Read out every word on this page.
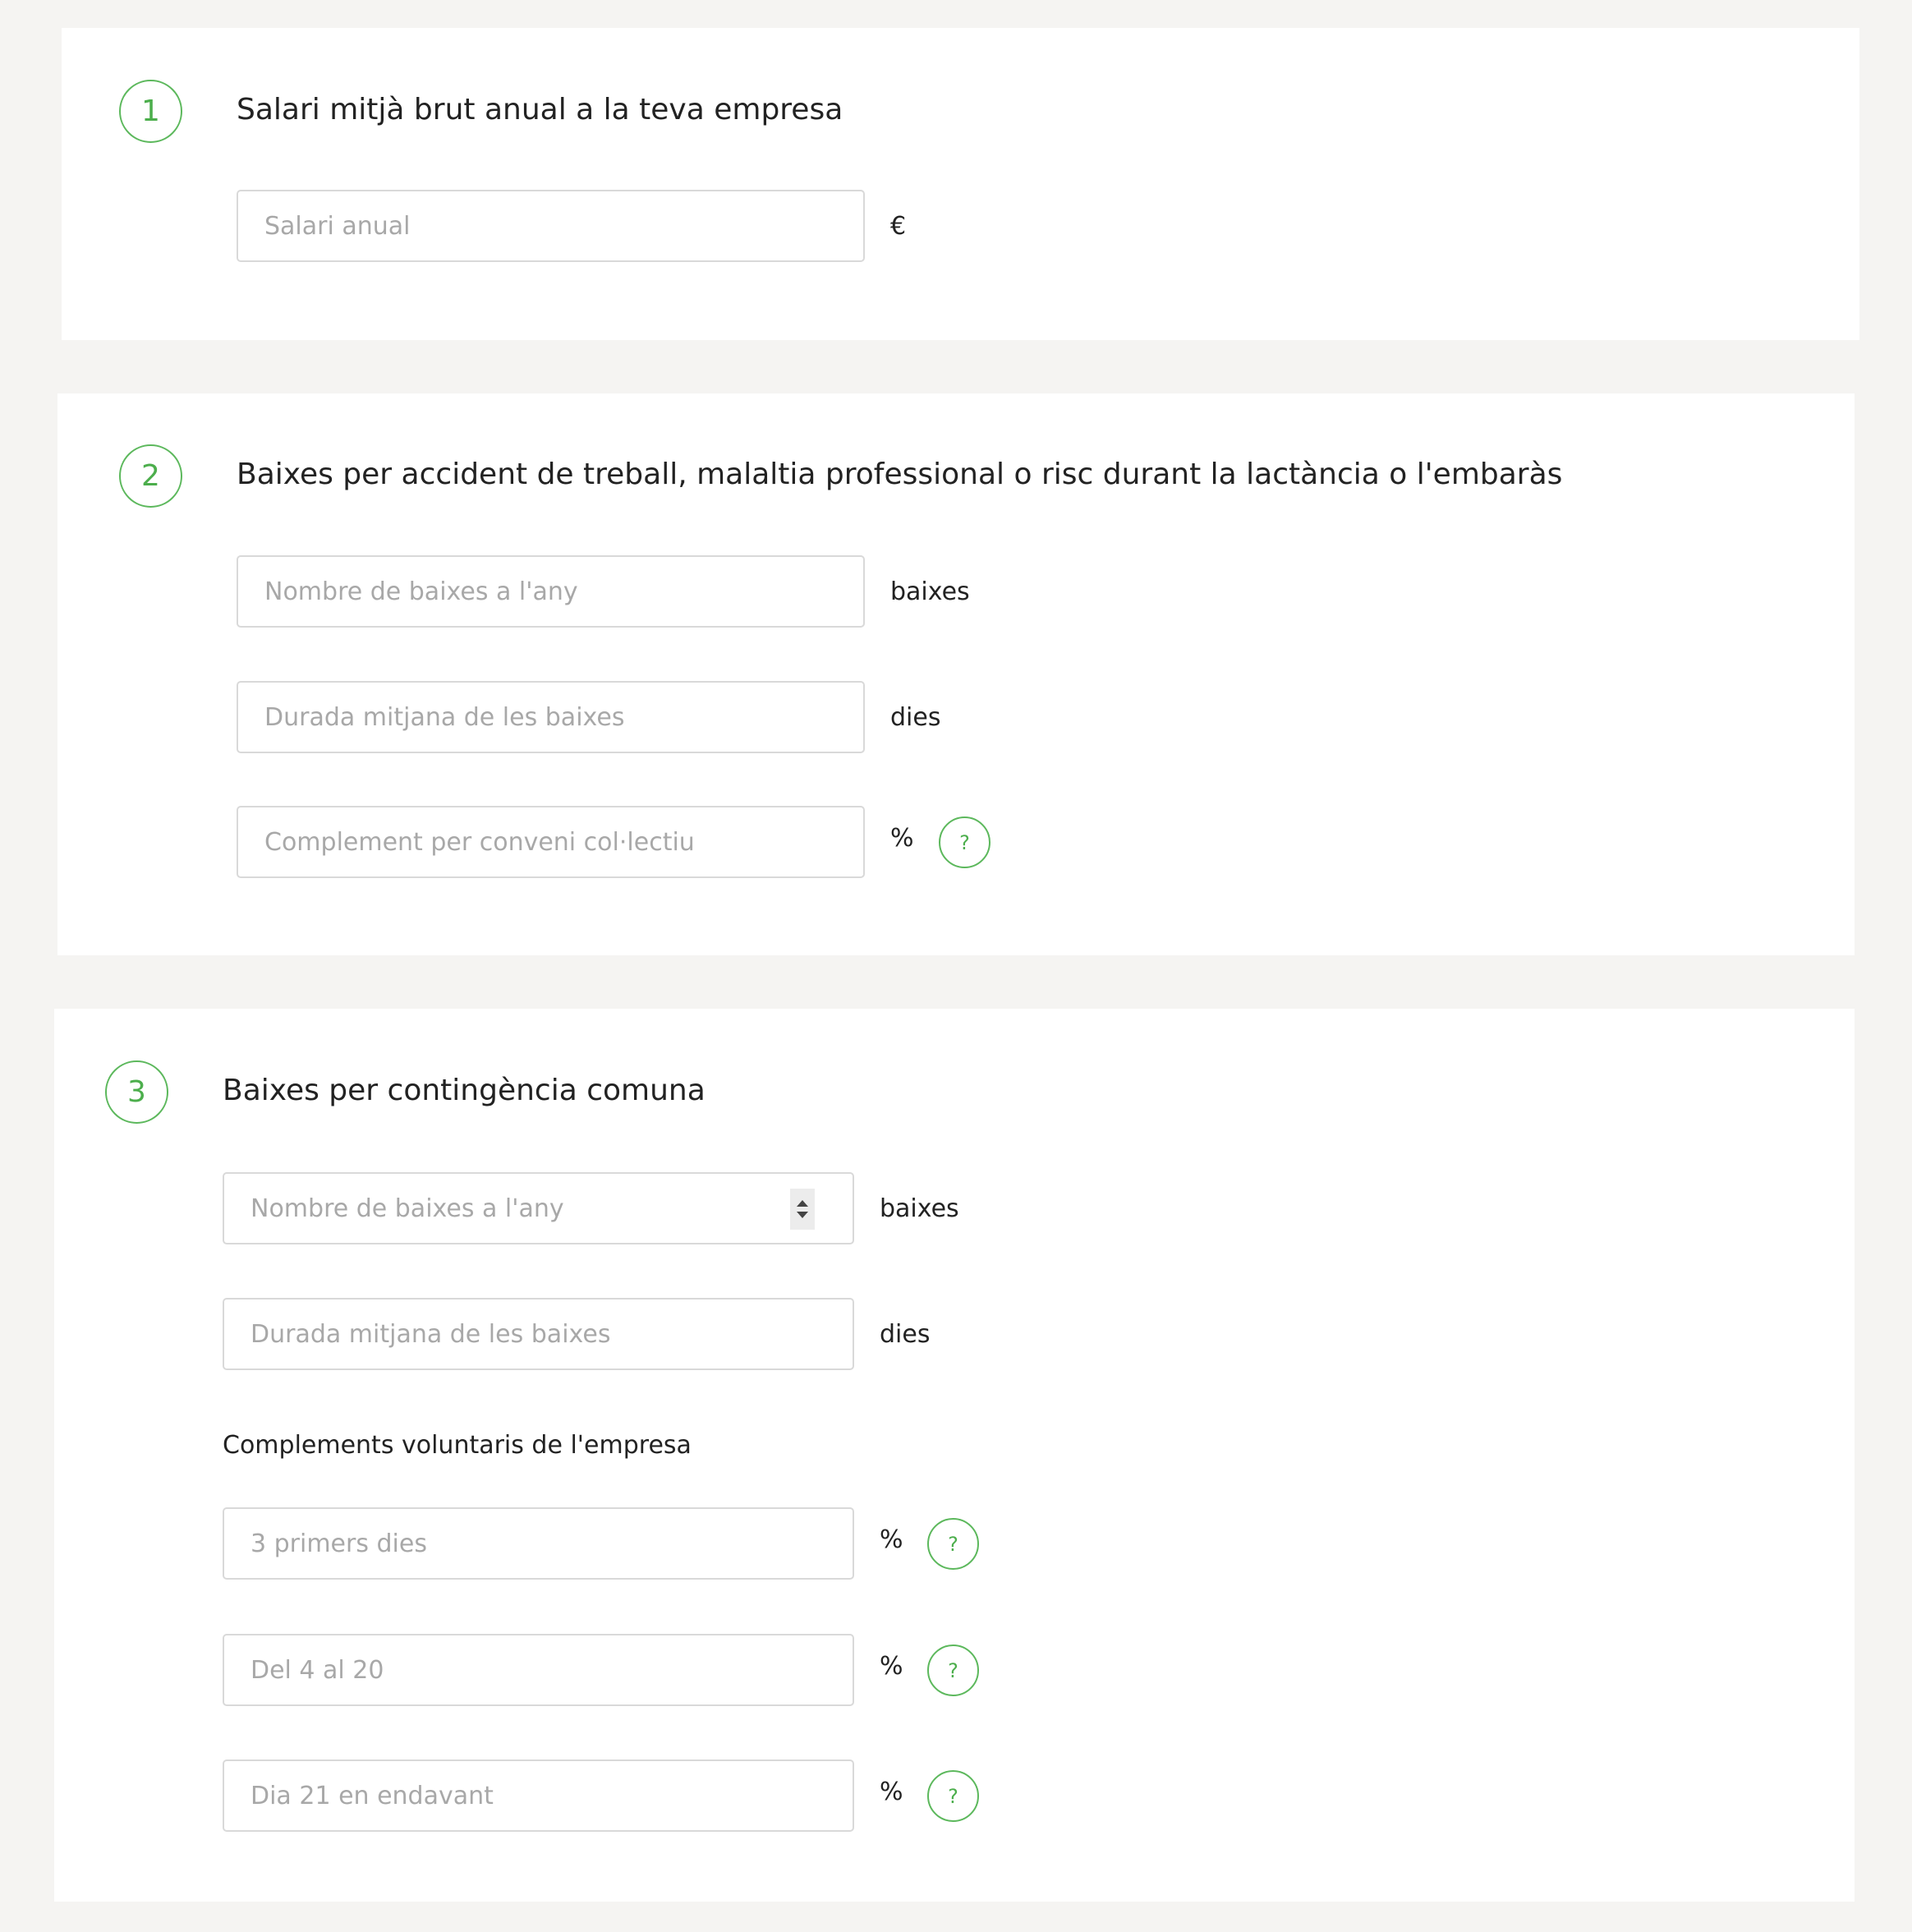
1	Salari mitjà brut anual a la teva empresa
Salari anual
€
2	Baixes per accident de treball, malaltia professional o risc durant la lactància o l'embaràs
Nombre de baixes a l'any
baixes
Durada mitjana de les baixes
dies
Complement per conveni col·lectiu
%	?
3	Baixes per contingència comuna
Nombre de baixes a l'any
baixes
Durada mitjana de les baixes
dies
Complements voluntaris de l'empresa
3 primers dies
%	?
Del 4 al 20
%	?
Dia 21 en endavant
%	?
